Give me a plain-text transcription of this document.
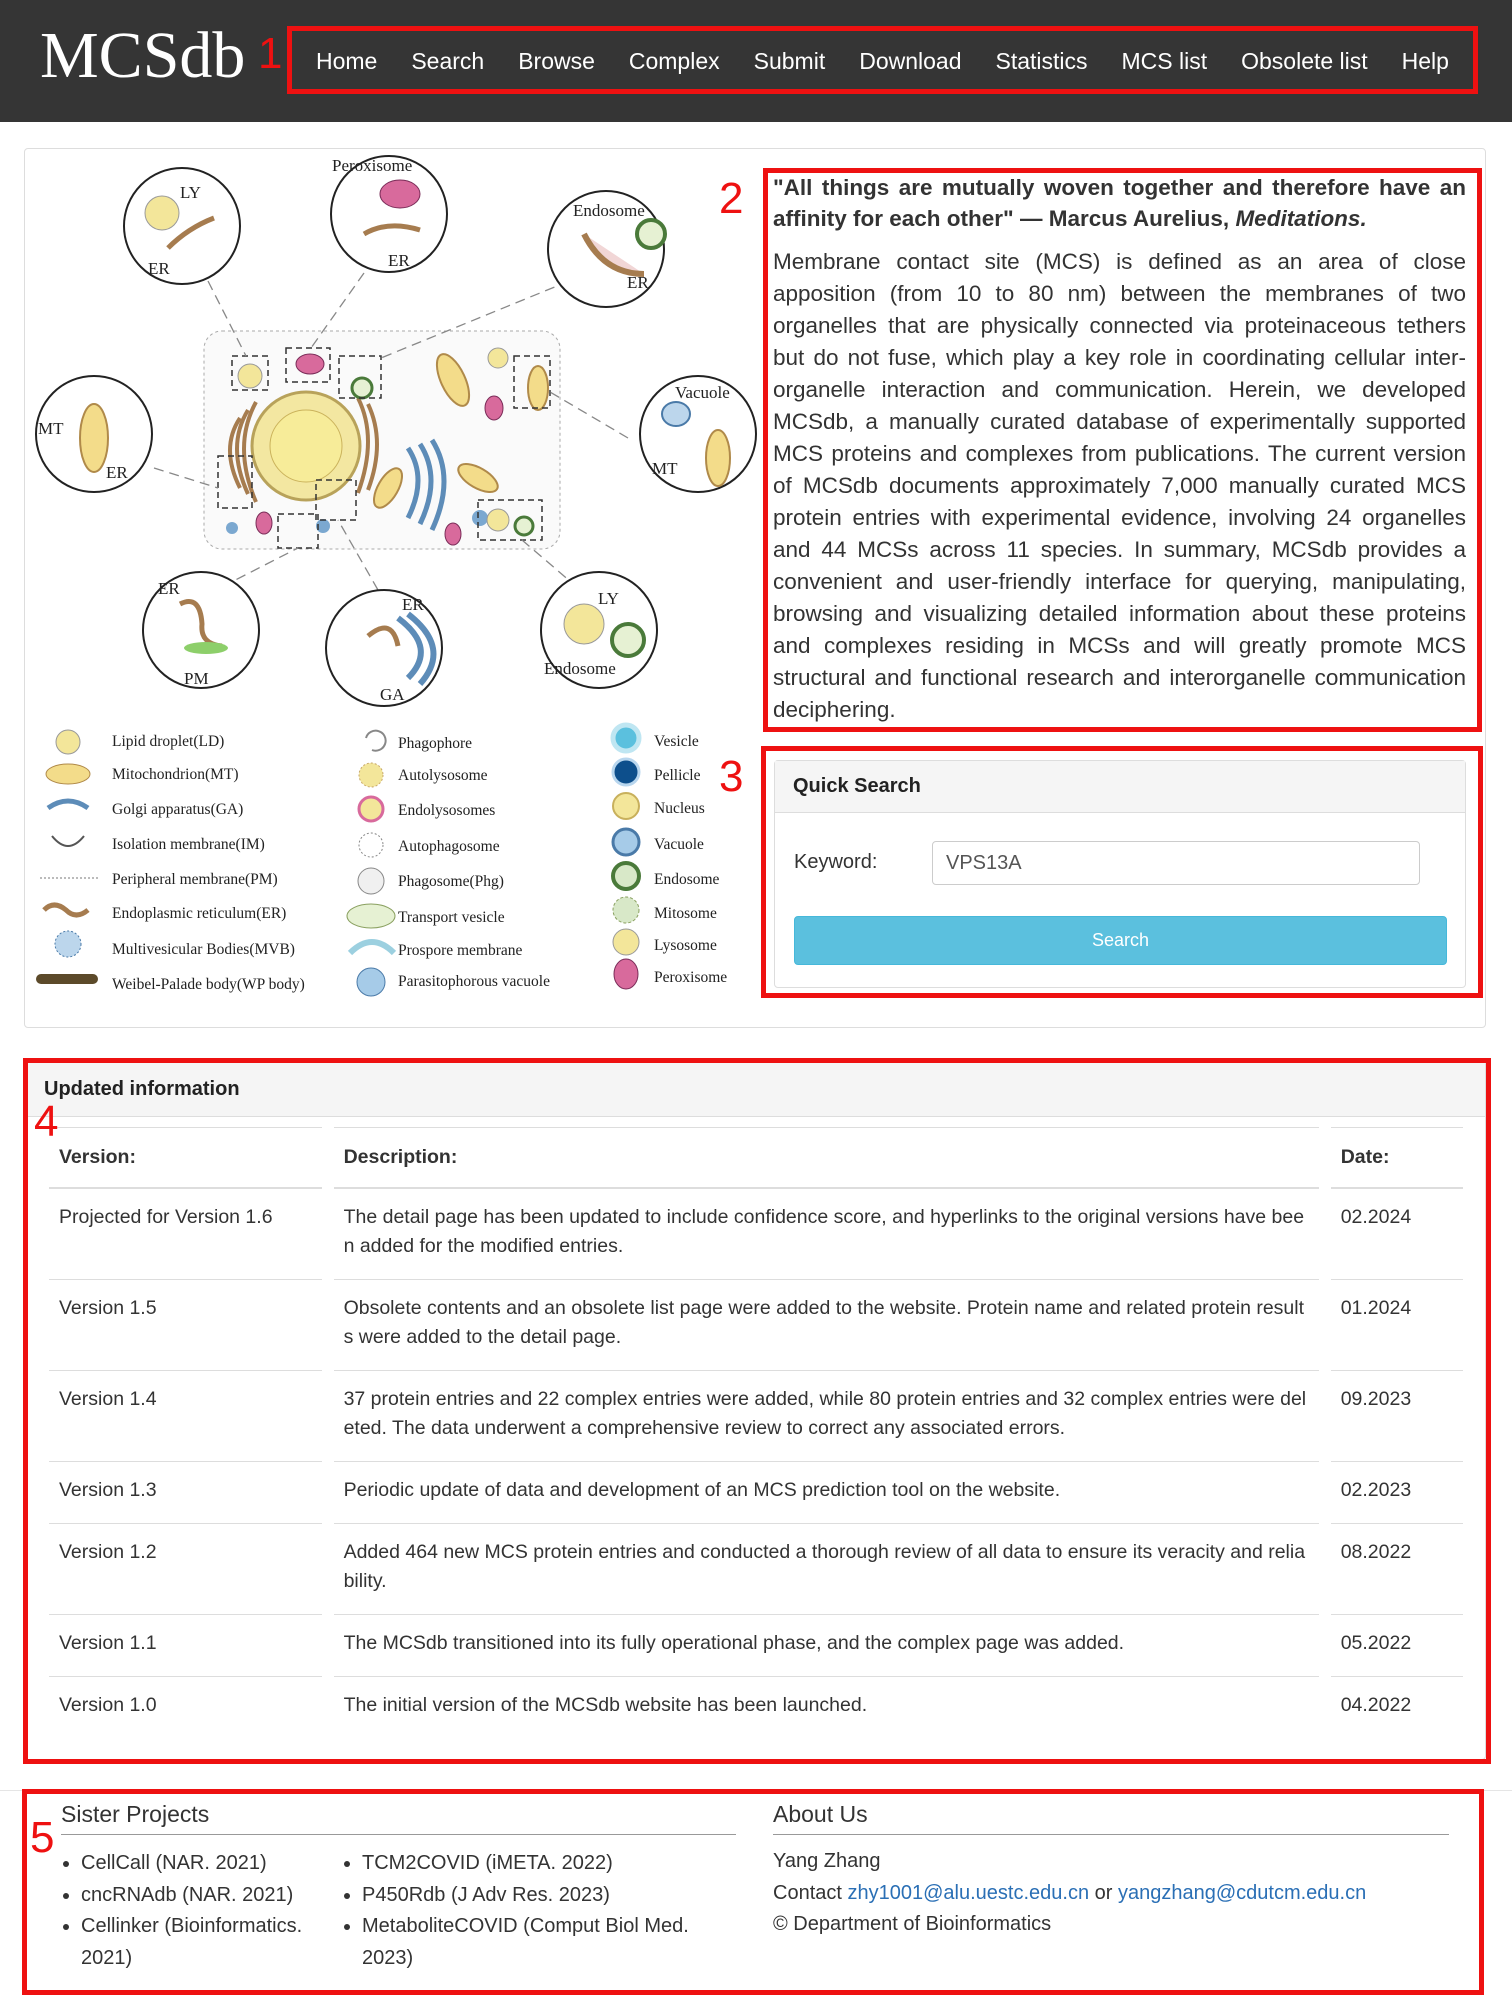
MCSdb 1 Home Search Browse Complex Submit Download Statistics MCS list Obsolete list Help
LY
ER
Peroxisome
ER
Endosome
ER
MT
ER
Vacuole
MT
ER
PM
ER
GA
LY
Endosome
Lipid droplet(LD)
Mitochondrion(MT)
Golgi apparatus(GA)
Isolation membrane(IM)
Peripheral membrane(PM)
Endoplasmic reticulum(ER)
Multivesicular Bodies(MVB)
Weibel-Palade body(WP body)
Phagophore
Autolysosome
Endolysosomes
Autophagosome
Phagosome(Phg)
Transport vesicle
Prospore membrane
Parasitophorous vacuole
Vesicle
Pellicle
Nucleus
Vacuole
Endosome
Mitosome
Lysosome
Peroxisome
2 "All things are mutually woven together and therefore have an affinity for each other" — Marcus Aurelius, Meditations.

Membrane contact site (MCS) is defined as an area of close apposition (from 10 to 80 nm) between the membranes of two organelles that are physically connected via proteinaceous tethers but do not fuse, which play a key role in coordinating cellular inter-organelle interaction and communication. Herein, we developed MCSdb, a manually curated database of experimentally supported MCS proteins and complexes from publications. The current version of MCSdb documents approximately 7,000 manually curated MCS protein entries with experimental evidence, involving 24 organelles and 44 MCSs across 11 species. In summary, MCSdb provides a convenient and user-friendly interface for querying, manipulating, browsing and visualizing detailed information about these proteins and complexes residing in MCSs and will greatly promote MCS structural and functional research and interorganelle communication deciphering.

3	Quick Search
Keyword:
VPS13A
Search
Updated information
Version:	Description:	Date:
Projected for Version 1.6	The detail page has been updated to include confidence score, and hyperlinks to the original versions have been added for the modified entries.	02.2024
Version 1.5	Obsolete contents and an obsolete list page were added to the website. Protein name and related protein results were added to the detail page.	01.2024
Version 1.4	37 protein entries and 22 complex entries were added, while 80 protein entries and 32 complex entries were deleted. The data underwent a comprehensive review to correct any associated errors.	09.2023
Version 1.3	Periodic update of data and development of an MCS prediction tool on the website.	02.2023
Version 1.2	Added 464 new MCS protein entries and conducted a thorough review of all data to ensure its veracity and reliability.	08.2022
Version 1.1	The MCSdb transitioned into its fully operational phase, and the complex page was added.	05.2022
Version 1.0	The initial version of the MCSdb website has been launched.	04.2022
4
5 Sister Projects
• CellCall (NAR. 2021)
• cncRNAdb (NAR. 2021)
• Cellinker (Bioinformatics. 2021)
• TCM2COVID (iMETA. 2022)
• P450Rdb (J Adv Res. 2023)
• MetaboliteCOVID (Comput Biol Med. 2023)
About Us
Yang Zhang
Contact zhy1001@alu.uestc.edu.cn or yangzhang@cdutcm.edu.cn
© Department of Bioinformatics
